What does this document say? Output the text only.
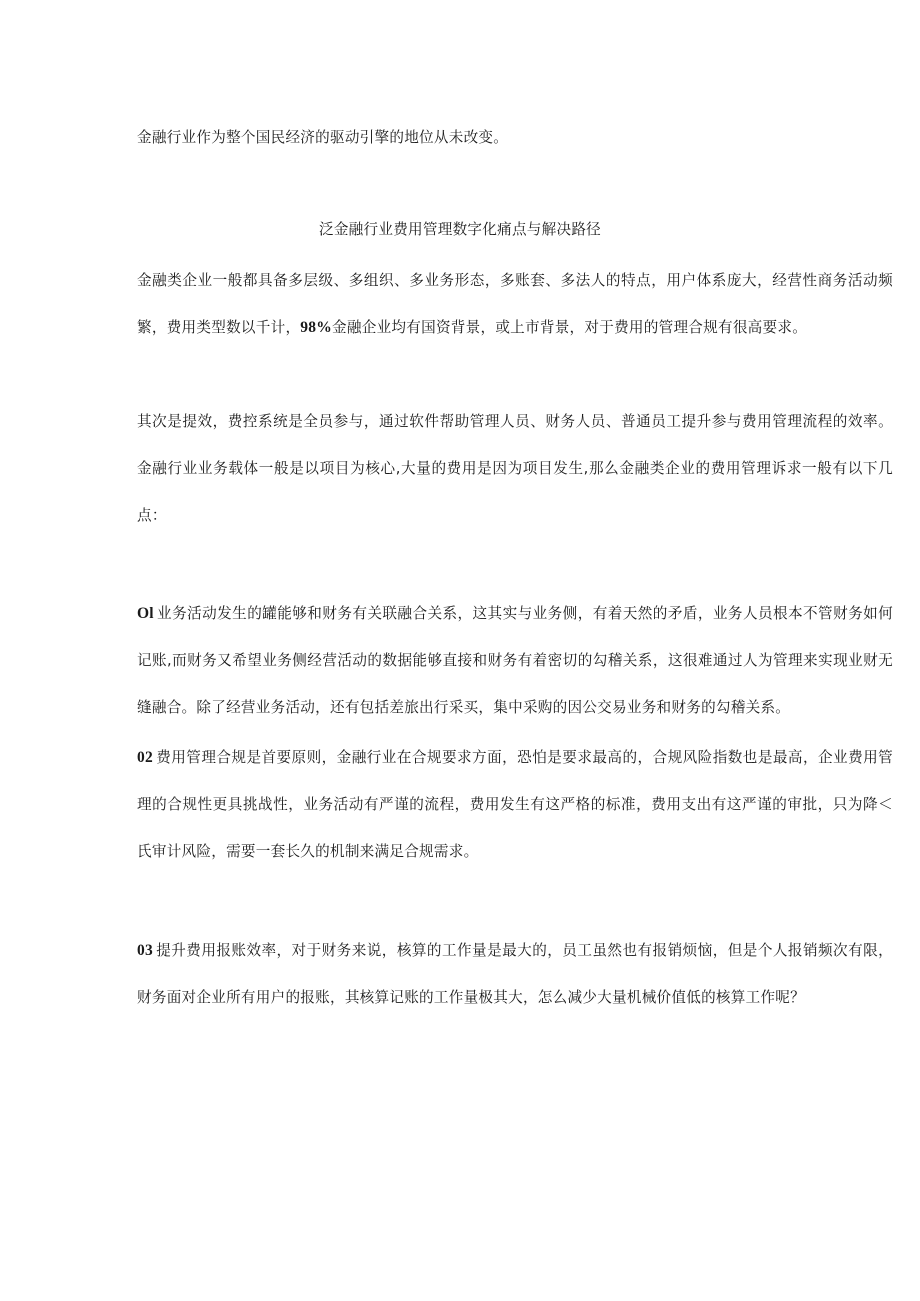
金融行业作为整个国民经济的驱动引擎的地位从未改变。

泛金融行业费用管理数字化痛点与解决路径

金融类企业一般都具备多层级、多组织、多业务形态，多账套、多法人的特点，用户体系庞大，经营性商务活动频繁，费用类型数以千计，98%金融企业均有国资背景，或上市背景，对于费用的管理合规有很高要求。

其次是提效，费控系统是全员参与，通过软件帮助管理人员、财务人员、普通员工提升参与费用管理流程的效率。金融行业业务载体一般是以项目为核心,大量的费用是因为项目发生,那么金融类企业的费用管理诉求一般有以下几点：

Ol 业务活动发生的罐能够和财务有关联融合关系，这其实与业务侧，有着天然的矛盾，业务人员根本不管财务如何记账,而财务又希望业务侧经营活动的数据能够直接和财务有着密切的勾稽关系，这很难通过人为管理来实现业财无缝融合。除了经营业务活动，还有包括差旅出行采买，集中采购的因公交易业务和财务的勾稽关系。

02 费用管理合规是首要原则，金融行业在合规要求方面，恐怕是要求最高的，合规风险指数也是最高，企业费用管理的合规性更具挑战性，业务活动有严谨的流程，费用发生有这严格的标准，费用支出有这严谨的审批，只为降＜氏审计风险，需要一套长久的机制来满足合规需求。

03 提升费用报账效率，对于财务来说，核算的工作量是最大的，员工虽然也有报销烦恼，但是个人报销频次有限，财务面对企业所有用户的报账，其核算记账的工作量极其大，怎么减少大量机械价值低的核算工作呢？
